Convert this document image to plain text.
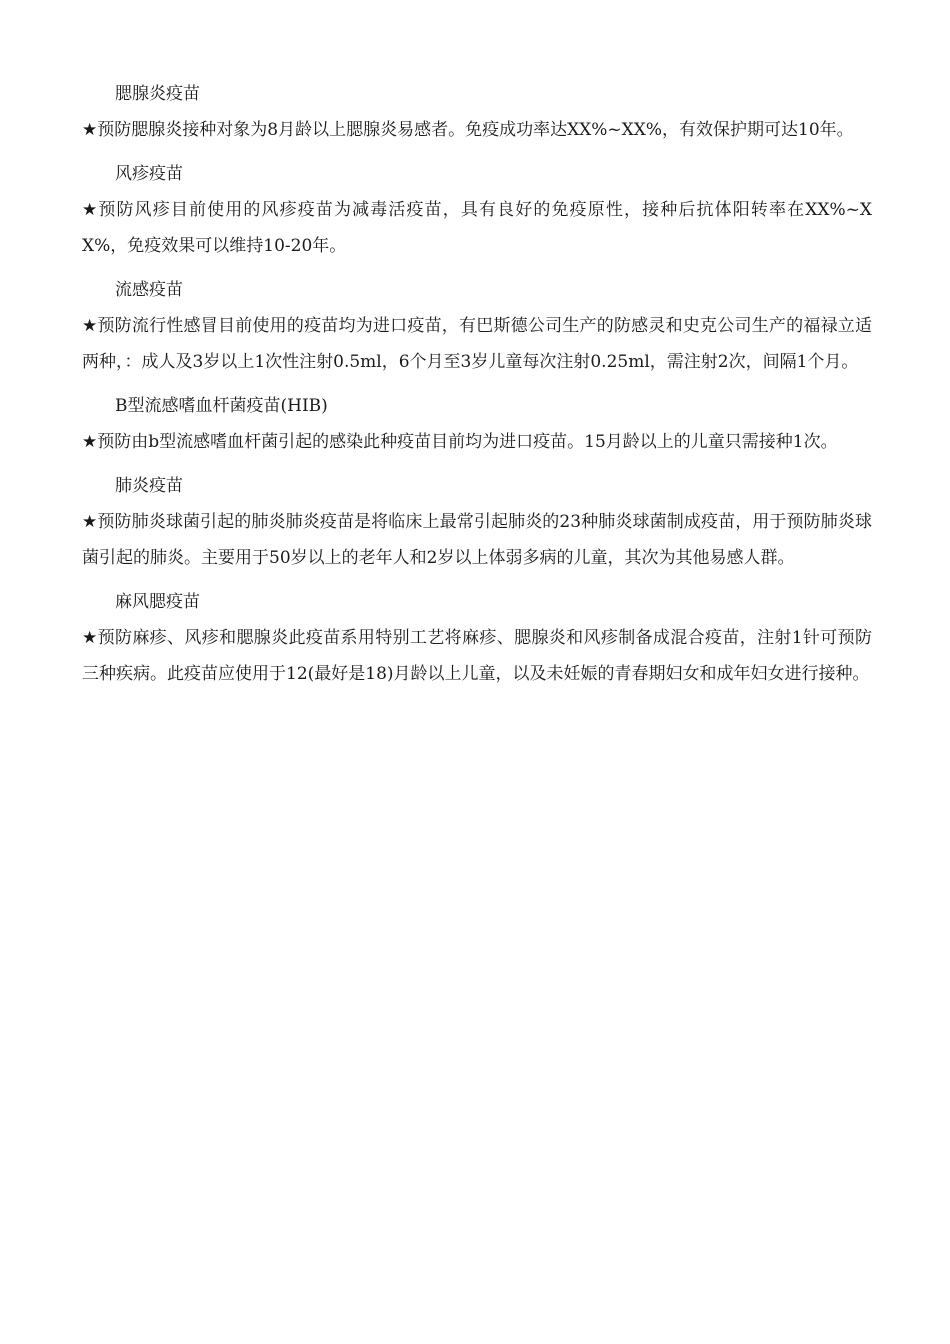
腮腺炎疫苗

★预防腮腺炎接种对象为8月龄以上腮腺炎易感者。免疫成功率达XX%~XX%，有效保护期可达10年。

风疹疫苗

★预防风疹目前使用的风疹疫苗为减毒活疫苗，具有良好的免疫原性，接种后抗体阳转率在XX%~XX%，免疫效果可以维持10-20年。

流感疫苗

★预防流行性感冒目前使用的疫苗均为进口疫苗，有巴斯德公司生产的防感灵和史克公司生产的福禄立适两种，：成人及3岁以上1次性注射0.5ml，6个月至3岁儿童每次注射0.25ml，需注射2次，间隔1个月。

B型流感嗜血杆菌疫苗(HIB)

★预防由b型流感嗜血杆菌引起的感染此种疫苗目前均为进口疫苗。15月龄以上的儿童只需接种1次。

肺炎疫苗

★预防肺炎球菌引起的肺炎肺炎疫苗是将临床上最常引起肺炎的23种肺炎球菌制成疫苗，用于预防肺炎球菌引起的肺炎。主要用于50岁以上的老年人和2岁以上体弱多病的儿童，其次为其他易感人群。

麻风腮疫苗

★预防麻疹、风疹和腮腺炎此疫苗系用特别工艺将麻疹、腮腺炎和风疹制备成混合疫苗，注射1针可预防三种疾病。此疫苗应使用于12(最好是18)月龄以上儿童，以及未妊娠的青春期妇女和成年妇女进行接种。
